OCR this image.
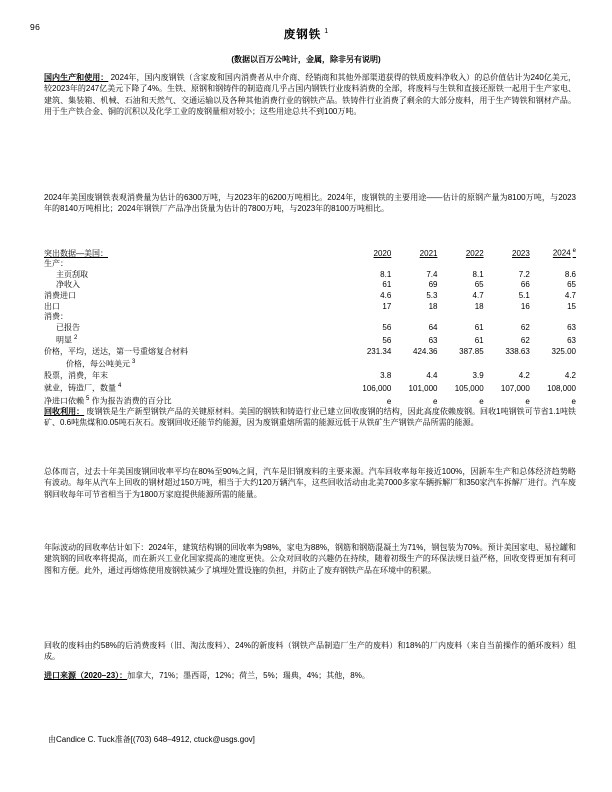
96
废钢铁 $^1$
(数据以百万公吨计，金属，除非另有说明)
国内生产和使用： 2024年，国内废钢铁（含家废和国内消费者从中介商、经销商和其他外部渠道获得的铁质废料净收入）的总价值估计为240亿美元，较2023年的247亿美元下降了4%。生铁、原钢和钢铸件的制造商几乎占国内钢铁行业废料消费的全部，将废料与生铁和直接还原铁一起用于生产家电、建筑、集装箱、机械、石油和天然气、交通运输以及各种其他消费行业的钢铁产品。铁铸件行业消费了剩余的大部分废料，用于生产铸铁和钢材产品。用于生产铁合金、铜的沉积以及化学工业的废钢量相对较小；这些用途总共不到100万吨。
2024年美国废钢铁表观消费量为估计的6300万吨，与2023年的6200万吨相比。2024年，废钢铁的主要用途——估计的原钢产量为8100万吨，与2023年的8140万吨相比；2024年钢铁厂产品净出货量为估计的7800万吨，与2023年的8100万吨相比。
突出数据—美国：	2020	2021	2022	2023	2024 $^e$
生产：					
主页刮取	8.1	7.4	8.1	7.2	8.6
净收入	61	69	65	66	65
消费进口	4.6	5.3	4.7	5.1	4.7
出口	17	18	18	16	15
消费：					
已报告	56	64	61	62	63
明显 $^2$	56	63	61	62	63
价格，平均，送达，第一号重熔复合材料	231.34	424.36	387.85	338.63	325.00
价格，每公吨美元 $^3$					
股票，消费，年末	3.8	4.4	3.9	4.2	4.2
就业，铸造厂，数量 $^4$	106,000	101,000	105,000	107,000	108,000
净进口依赖 $^5$ 作为报告消费的百分比	e	e	e	e	e
回收利用： 废钢铁是生产新型钢铁产品的关键原材料。美国的钢铁和铸造行业已建立回收废钢的结构，因此高度依赖废钢。回收1吨钢铁可节省1.1吨铁矿、0.6吨焦煤和0.05吨石灰石。废钢回收还能节约能源，因为废钢重熔所需的能源远低于从铁矿生产钢铁产品所需的能源。
总体而言，过去十年美国废钢回收率平均在80%至90%之间，汽车是旧钢废料的主要来源。汽车回收率每年接近100%，因新车生产和总体经济趋势略有波动。每年从汽车上回收的钢材超过150万吨，相当于大约120万辆汽车，这些回收活动由北美7000多家车辆拆解厂和350家汽车拆解厂进行。汽车废钢回收每年可节省相当于为1800万家庭提供能源所需的能量。
年际波动的回收率估计如下：2024年，建筑结构钢的回收率为98%，家电为88%，钢筋和钢筋混凝土为71%，钢包装为70%。预计美国家电、易拉罐和建筑钢的回收率将提高，而在新兴工业化国家提高的速度更快。公众对回收的兴趣仍在持续，随着初级生产的环保法规日益严格，回收变得更加有利可图和方便。此外，通过再熔炼使用废钢铁减少了填埋处置设施的负担，并防止了废弃钢铁产品在环境中的积累。
回收的废料由约58%的后消费废料（旧、淘汰废料）、24%的新废料（钢铁产品制造厂生产的废料）和18%的厂内废料（来自当前操作的循环废料）组成。
进口来源（2020–23）：加拿大，71%；墨西哥，12%；荷兰，5%；瑞典，4%；其他，8%。
由Candice C. Tuck准备[(703) 648–4912, ctuck@usgs.gov]
